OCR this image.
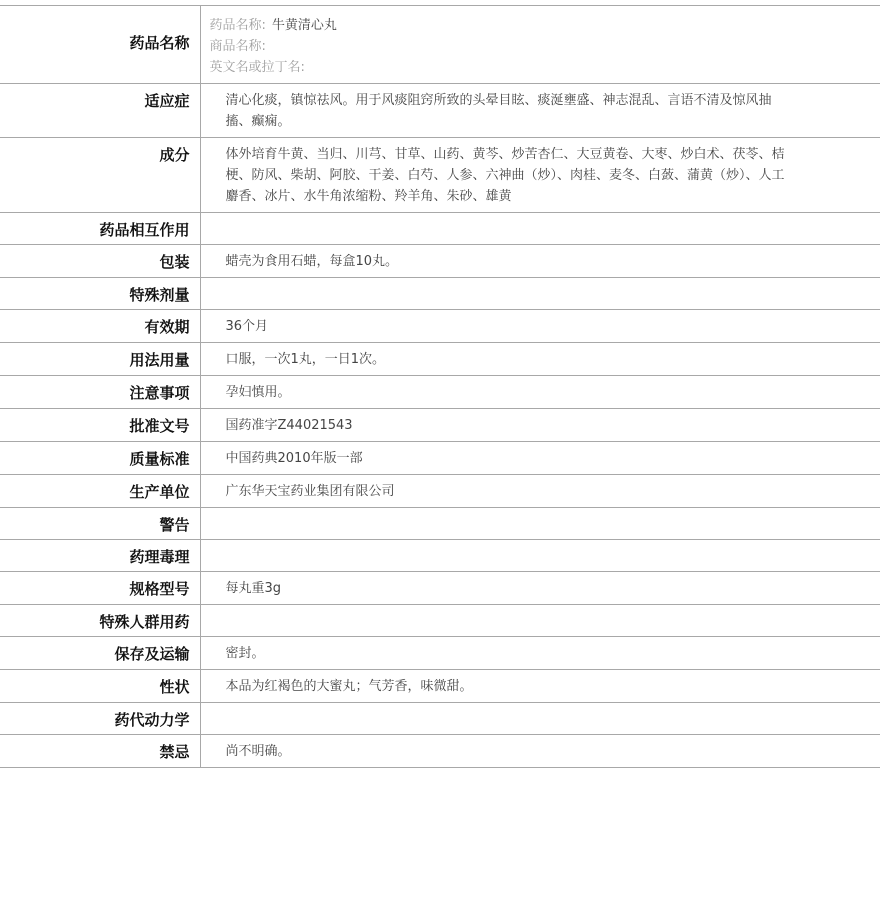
药品名称	药品名称: 牛黄清心丸
商品名称:
英文名或拉丁名:

适应症	清心化痰，镇惊祛风。用于风痰阻窍所致的头晕目眩、痰涎壅盛、神志混乱、言语不清及惊风抽搐、癫痫。
成分	体外培育牛黄、当归、川芎、甘草、山药、黄芩、炒苦杏仁、大豆黄卷、大枣、炒白术、茯苓、桔梗、防风、柴胡、阿胶、干姜、白芍、人参、六神曲（炒）、肉桂、麦冬、白蔹、蒲黄（炒）、人工麝香、冰片、水牛角浓缩粉、羚羊角、朱砂、雄黄
药品相互作用	
包装	蜡壳为食用石蜡，每盒10丸。
特殊剂量	
有效期	36个月
用法用量	口服，一次1丸，一日1次。
注意事项	孕妇慎用。
批准文号	国药准字Z44021543
质量标准	中国药典2010年版一部
生产单位	广东华天宝药业集团有限公司
警告	
药理毒理	
规格型号	每丸重3g
特殊人群用药	
保存及运输	密封。
性状	本品为红褐色的大蜜丸；气芳香，味微甜。
药代动力学	
禁忌	尚不明确。
